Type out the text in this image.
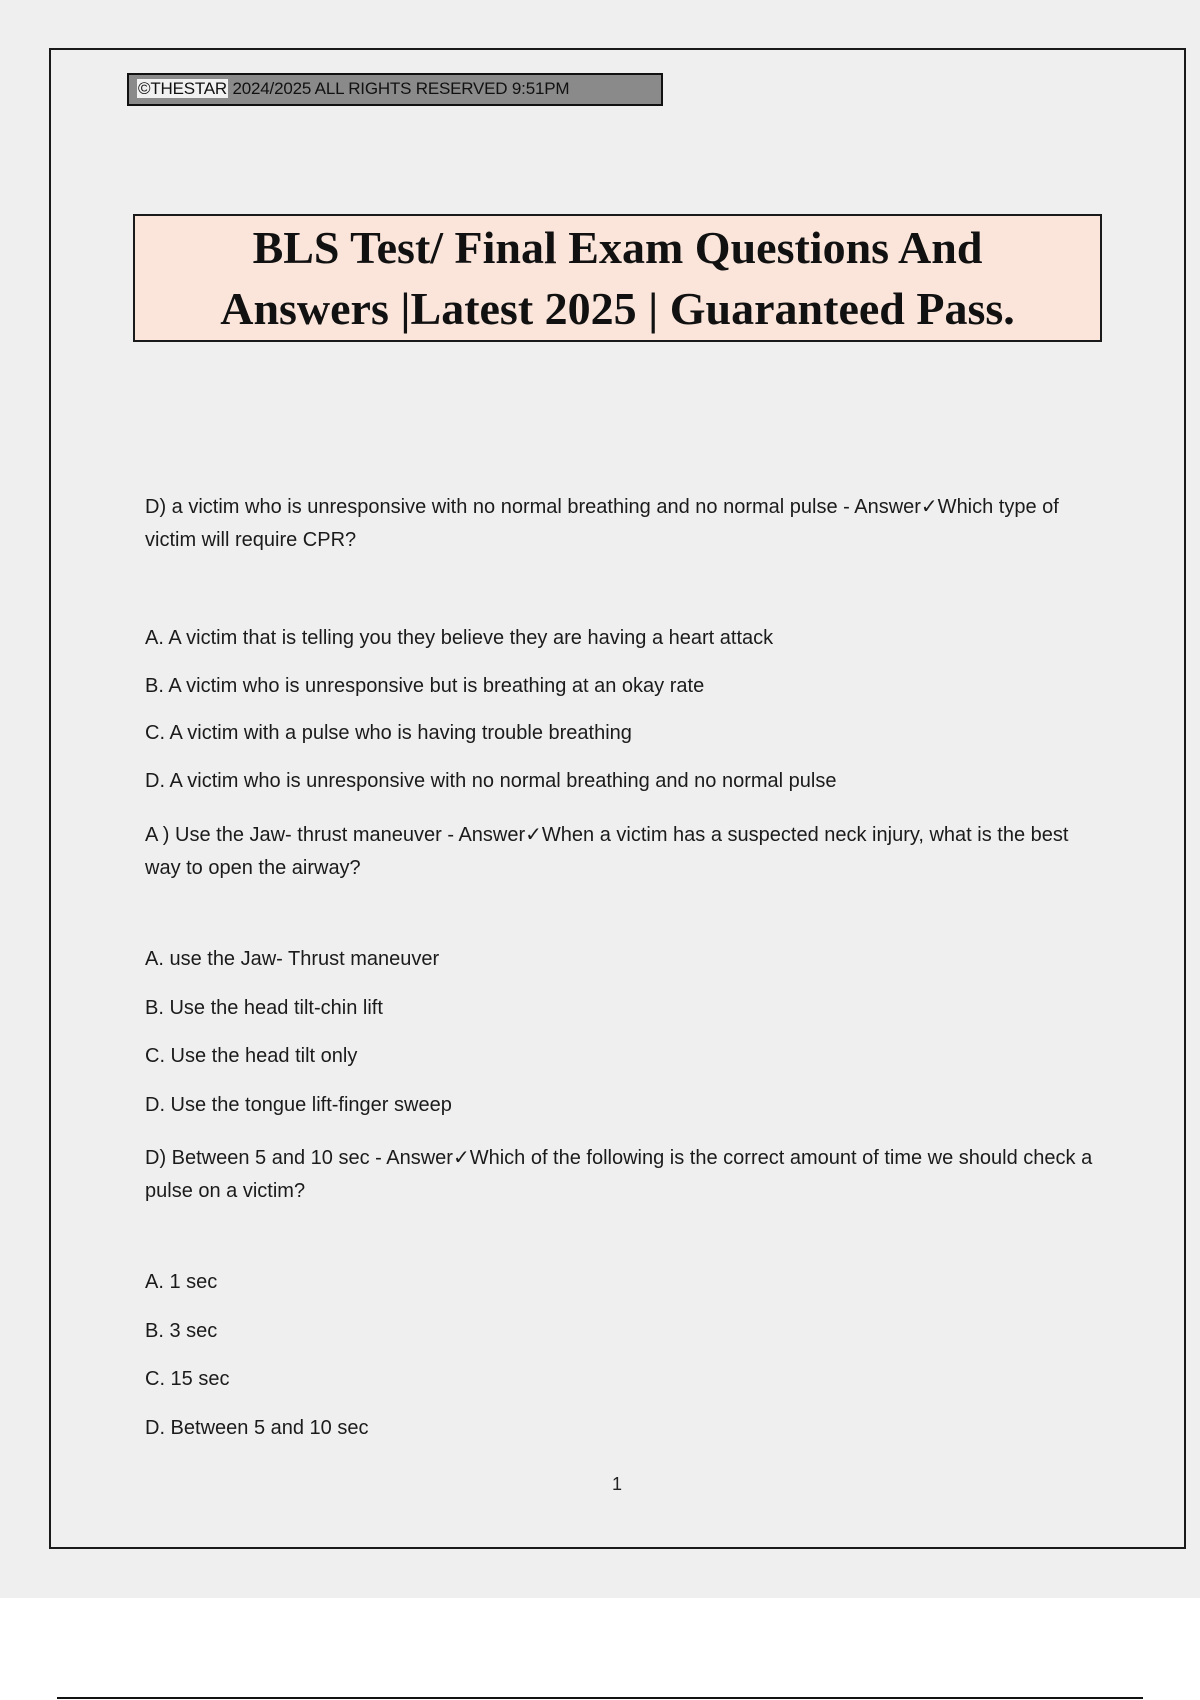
©THESTAR 2024/2025 ALL RIGHTS RESERVED 9:51PM
BLS Test/ Final Exam Questions And
Answers |Latest 2025 | Guaranteed Pass.

D) a victim who is unresponsive with no normal breathing and no normal pulse - Answer✓Which type of victim will require CPR?

A. A victim that is telling you they believe they are having a heart attack

B. A victim who is unresponsive but is breathing at an okay rate

C. A victim with a pulse who is having trouble breathing

D. A victim who is unresponsive with no normal breathing and no normal pulse

A ) Use the Jaw- thrust maneuver - Answer✓When a victim has a suspected neck injury, what is the best way to open the airway?

A. use the Jaw- Thrust maneuver

B. Use the head tilt-chin lift

C. Use the head tilt only

D. Use the tongue lift-finger sweep

D) Between 5 and 10 sec - Answer✓Which of the following is the correct amount of time we should check a pulse on a victim?

A. 1 sec

B. 3 sec

C. 15 sec

D. Between 5 and 10 sec

1
